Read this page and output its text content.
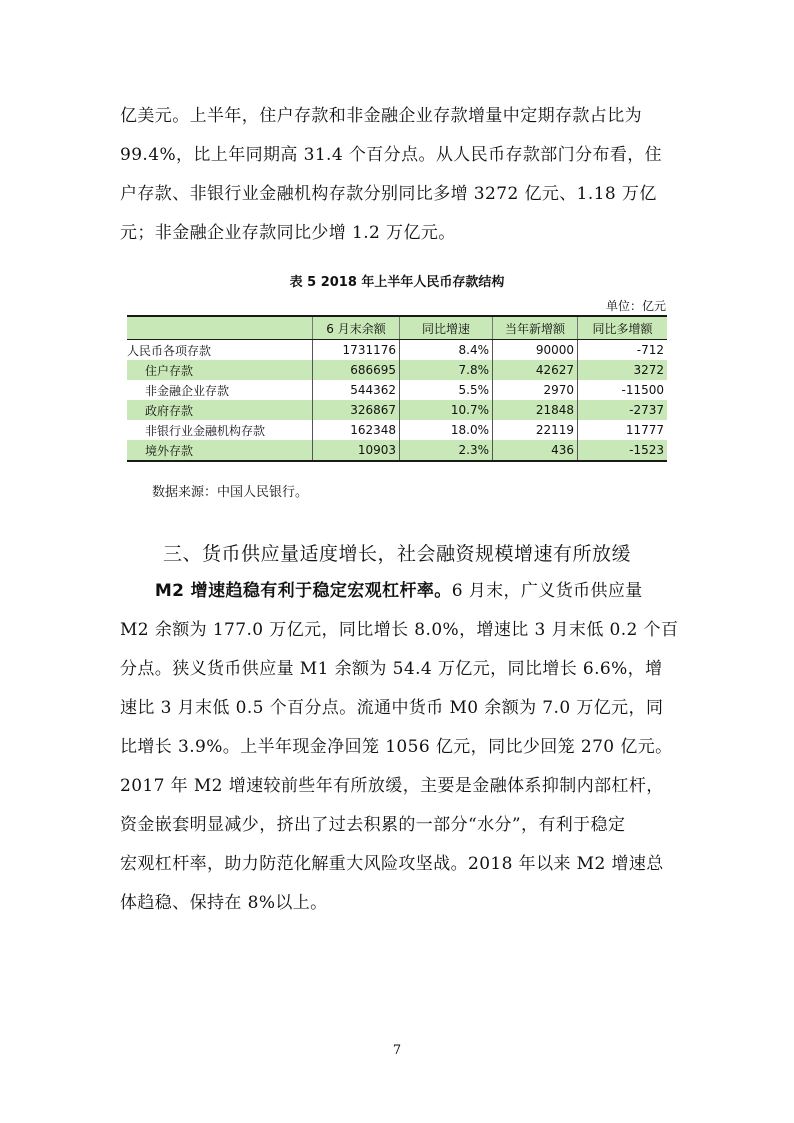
亿美元。上半年，住户存款和非金融企业存款增量中定期存款占比为
99.4%，比上年同期高 31.4 个百分点。从人民币存款部门分布看，住
户存款、非银行业金融机构存款分别同比多增 3272 亿元、1.18 万亿
元；非金融企业存款同比少增 1.2 万亿元。
表 5 2018 年上半年人民币存款结构
单位：亿元
	6 月末余额	同比增速	当年新增额	同比多增额
人民币各项存款	1731176	8.4%	90000	-712
住户存款	686695	7.8%	42627	3272
非金融企业存款	544362	5.5%	2970	-11500
政府存款	326867	10.7%	21848	-2737
非银行业金融机构存款	162348	18.0%	22119	11777
境外存款	10903	2.3%	436	-1523
数据来源：中国人民银行。
三、货币供应量适度增长，社会融资规模增速有所放缓
　　M2 增速趋稳有利于稳定宏观杠杆率。6 月末，广义货币供应量
M2 余额为 177.0 万亿元，同比增长 8.0%，增速比 3 月末低 0.2 个百
分点。狭义货币供应量 M1 余额为 54.4 万亿元，同比增长 6.6%，增
速比 3 月末低 0.5 个百分点。流通中货币 M0 余额为 7.0 万亿元，同
比增长 3.9%。上半年现金净回笼 1056 亿元，同比少回笼 270 亿元。
2017 年 M2 增速较前些年有所放缓，主要是金融体系抑制内部杠杆，
资金嵌套明显减少，挤出了过去积累的一部分“水分”，有利于稳定
宏观杠杆率，助力防范化解重大风险攻坚战。2018 年以来 M2 增速总
体趋稳、保持在 8%以上。
7
